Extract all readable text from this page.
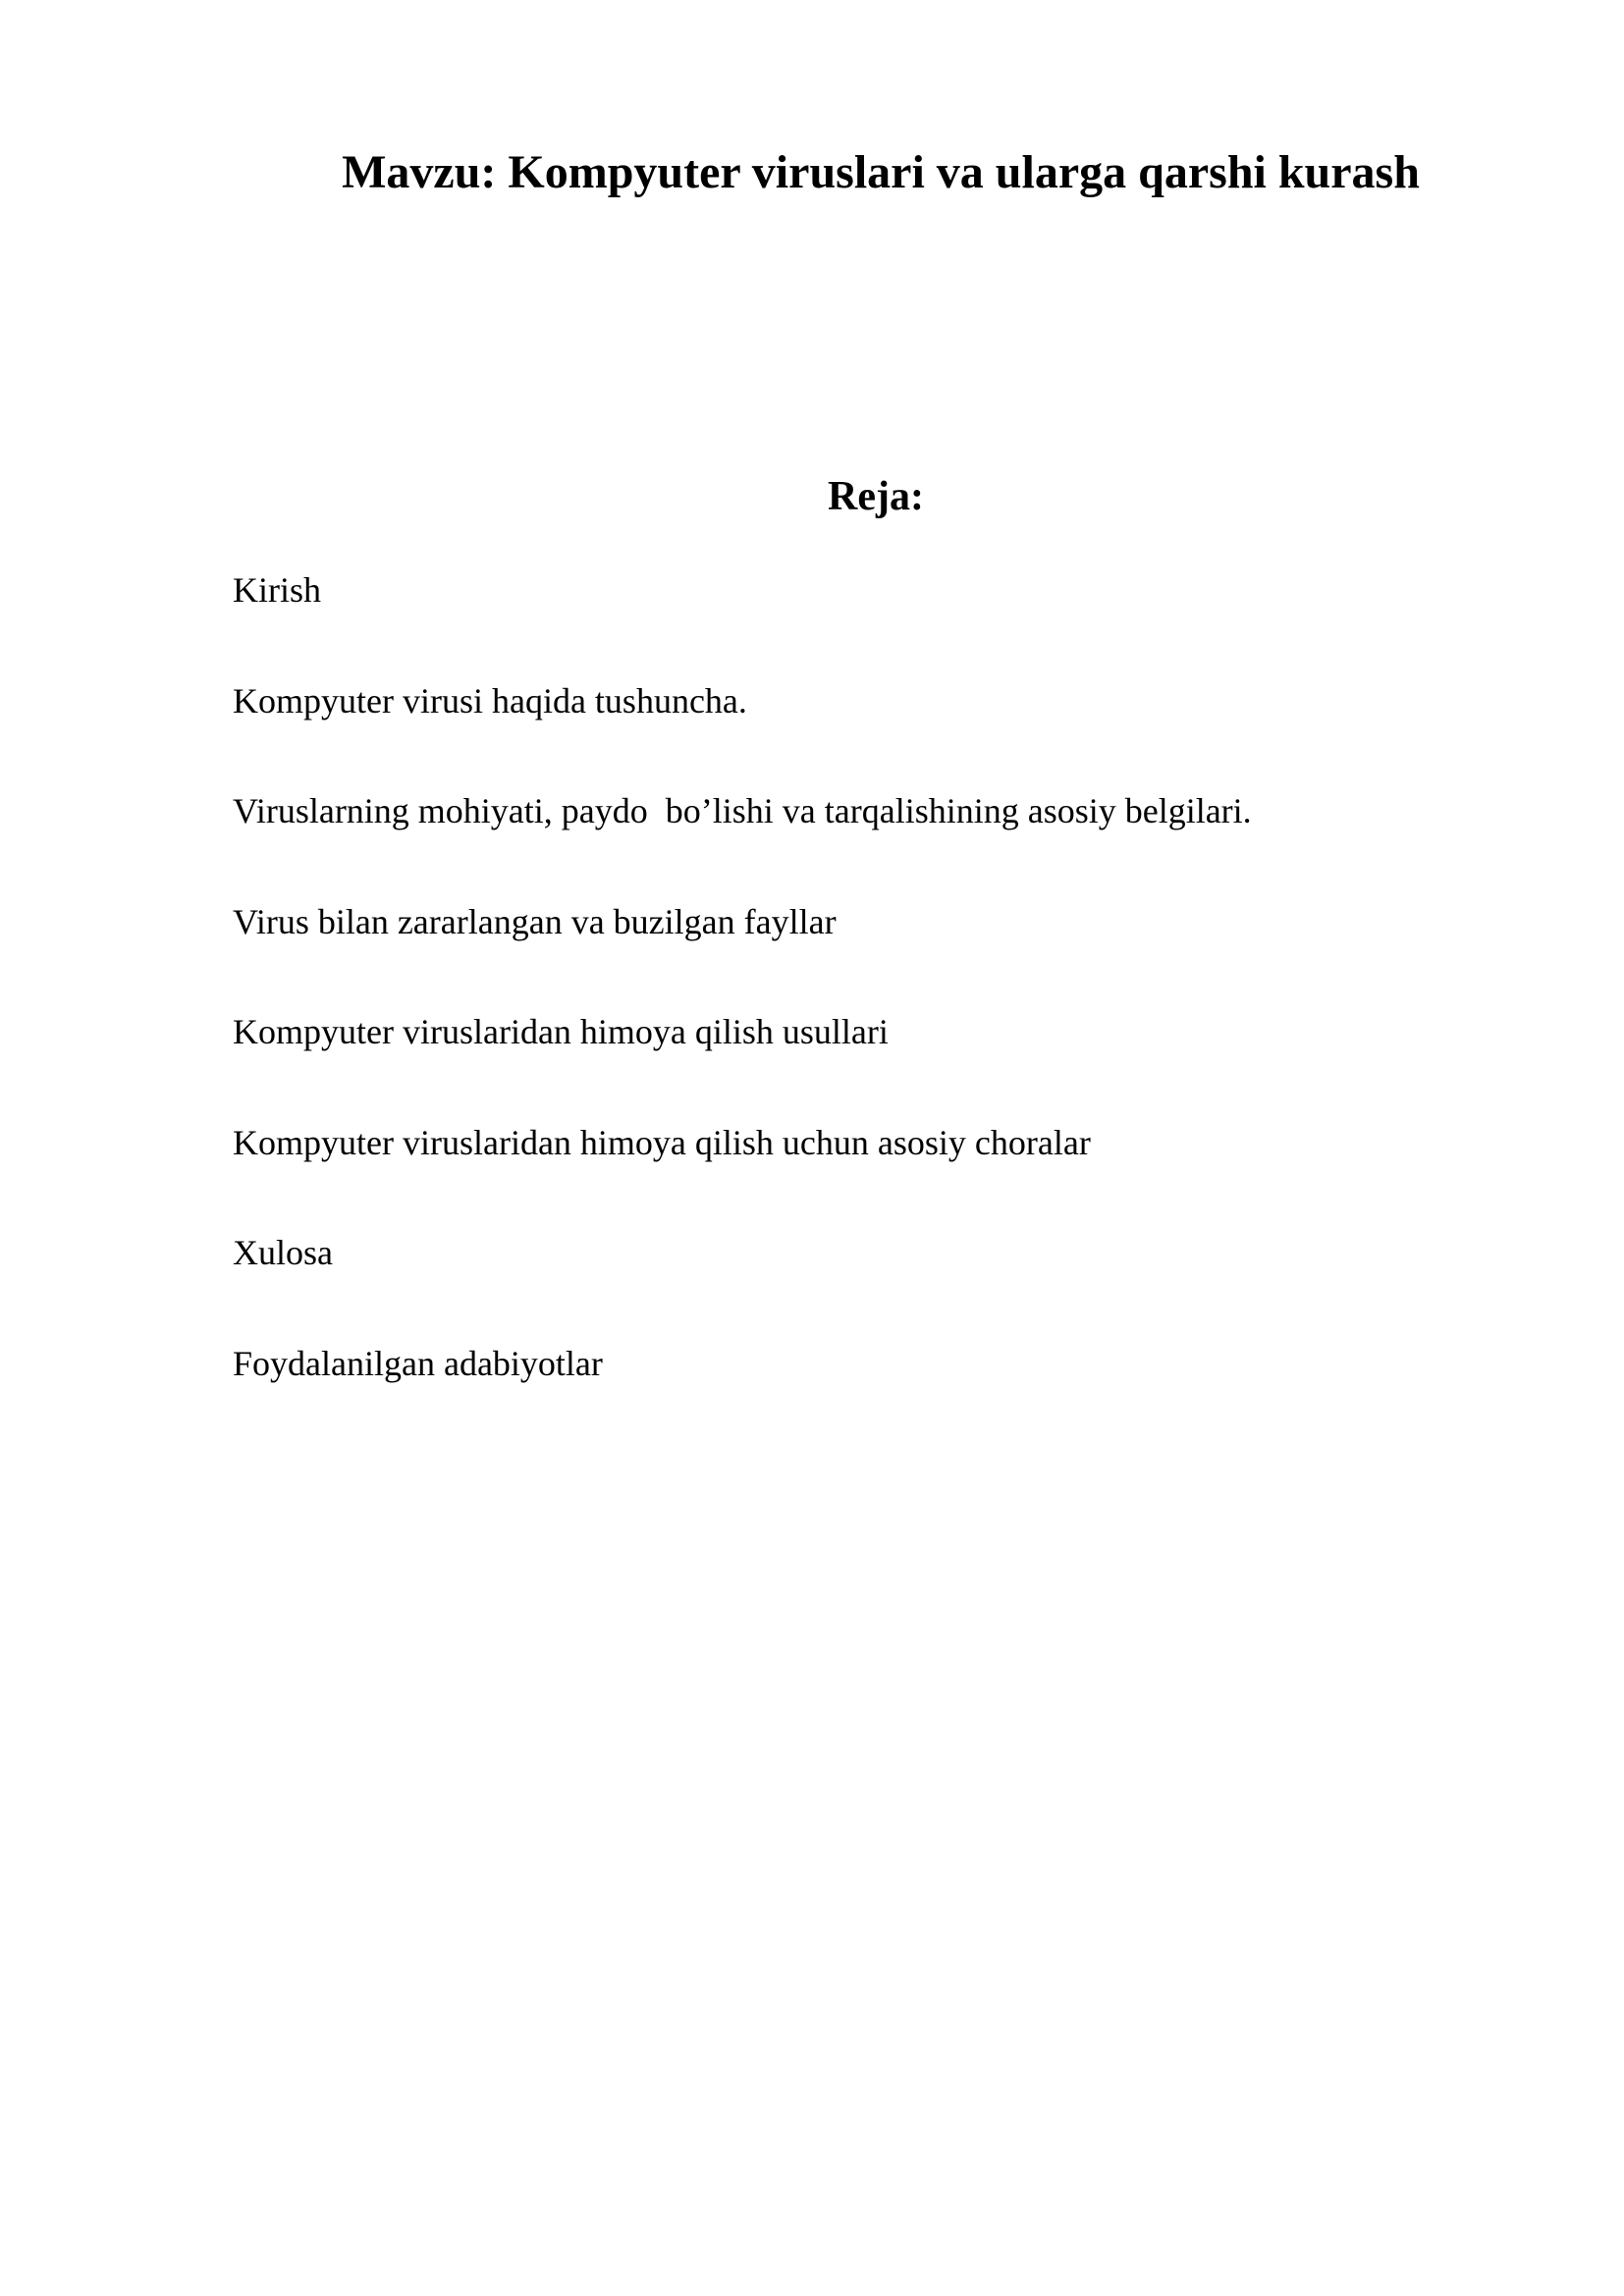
Mavzu: Kompyuter viruslari va ularga qarshi kurash
Reja:
Kirish
Kompyuter virusi haqida tushuncha.
Viruslarning mohiyati, paydo  bo’lishi va tarqalishining asosiy belgilari.
Virus bilan zararlangan va buzilgan fayllar
Kompyuter viruslaridan himoya qilish usullari
Kompyuter viruslaridan himoya qilish uchun asosiy choralar
Xulosa
Foydalanilgan adabiyotlar
